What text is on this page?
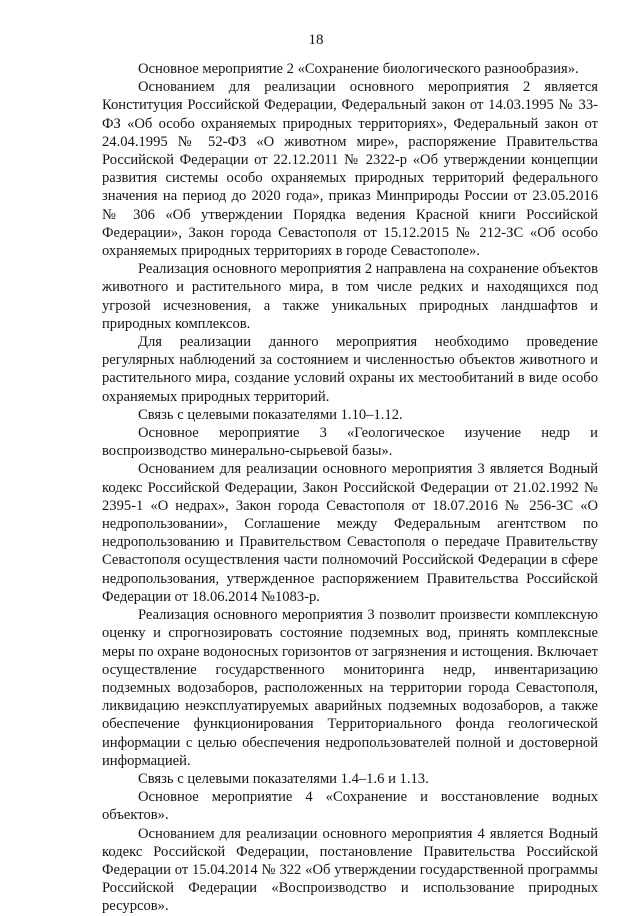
18

Основное мероприятие 2 «Сохранение биологического разнообразия».

Основанием для реализации основного мероприятия 2 является Конституция Российской Федерации, Федеральный закон от 14.03.1995 № 33-ФЗ «Об особо охраняемых природных территориях», Федеральный закон от 24.04.1995 № 52-ФЗ «О животном мире», распоряжение Правительства Российской Федерации от 22.12.2011 № 2322-р «Об утверждении концепции развития системы особо охраняемых природных территорий федерального значения на период до 2020 года», приказ Минприроды России от 23.05.2016 № 306 «Об утверждении Порядка ведения Красной книги Российской Федерации», Закон города Севастополя от 15.12.2015 № 212-ЗС «Об особо охраняемых природных территориях в городе Севастополе».

Реализация основного мероприятия 2 направлена на сохранение объектов животного и растительного мира, в том числе редких и находящихся под угрозой исчезновения, а также уникальных природных ландшафтов и природных комплексов.

Для реализации данного мероприятия необходимо проведение регулярных наблюдений за состоянием и численностью объектов животного и растительного мира, создание условий охраны их местообитаний в виде особо охраняемых природных территорий.

Связь с целевыми показателями 1.10–1.12.

Основное мероприятие 3 «Геологическое изучение недр и воспроизводство минерально-сырьевой базы».

Основанием для реализации основного мероприятия 3 является Водный кодекс Российской Федерации, Закон Российской Федерации от 21.02.1992 № 2395-1 «О недрах», Закон города Севастополя от 18.07.2016 № 256-ЗС «О недропользовании», Соглашение между Федеральным агентством по недропользованию и Правительством Севастополя о передаче Правительству Севастополя осуществления части полномочий Российской Федерации в сфере недропользования, утвержденное распоряжением Правительства Российской Федерации от 18.06.2014 №1083-р.

Реализация основного мероприятия 3 позволит произвести комплексную оценку и спрогнозировать состояние подземных вод, принять комплексные меры по охране водоносных горизонтов от загрязнения и истощения. Включает осуществление государственного мониторинга недр, инвентаризацию подземных водозаборов, расположенных на территории города Севастополя, ликвидацию неэксплуатируемых аварийных подземных водозаборов, а также обеспечение функционирования Территориального фонда геологической информации с целью обеспечения недропользователей полной и достоверной информацией.

Связь с целевыми показателями 1.4–1.6 и 1.13.

Основное мероприятие 4 «Сохранение и восстановление водных объектов».

Основанием для реализации основного мероприятия 4 является Водный кодекс Российской Федерации, постановление Правительства Российской Федерации от 15.04.2014 № 322 «Об утверждении государственной программы Российской Федерации «Воспроизводство и использование природных ресурсов».
